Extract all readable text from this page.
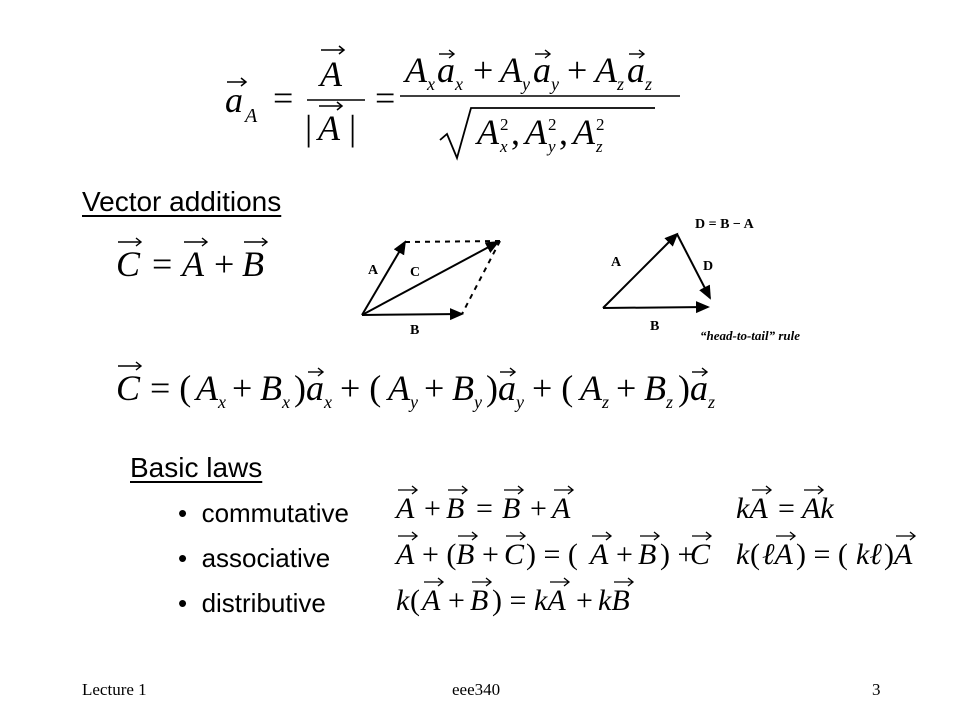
a A =
A
| A |
=
A x a x + A y a y + A z a z
A 2
x , A 2
y , A 2
z
Vector additions
C = A + B	A C
B
D = B − A
A	D
B
“head-to-tail” rule
C = ( A x + B x ) a x + ( A y + B y ) a y + ( A z + B z ) a z
Basic laws
• commutative
• associative
• distributive
A + B = B + A	kA = Ak
A + ( B + C ) = ( A + B ) +
C k ( ℓA ) = ( kℓ ) A
k ( A + B ) = kA + kB
Lecture 1	eee340	3
